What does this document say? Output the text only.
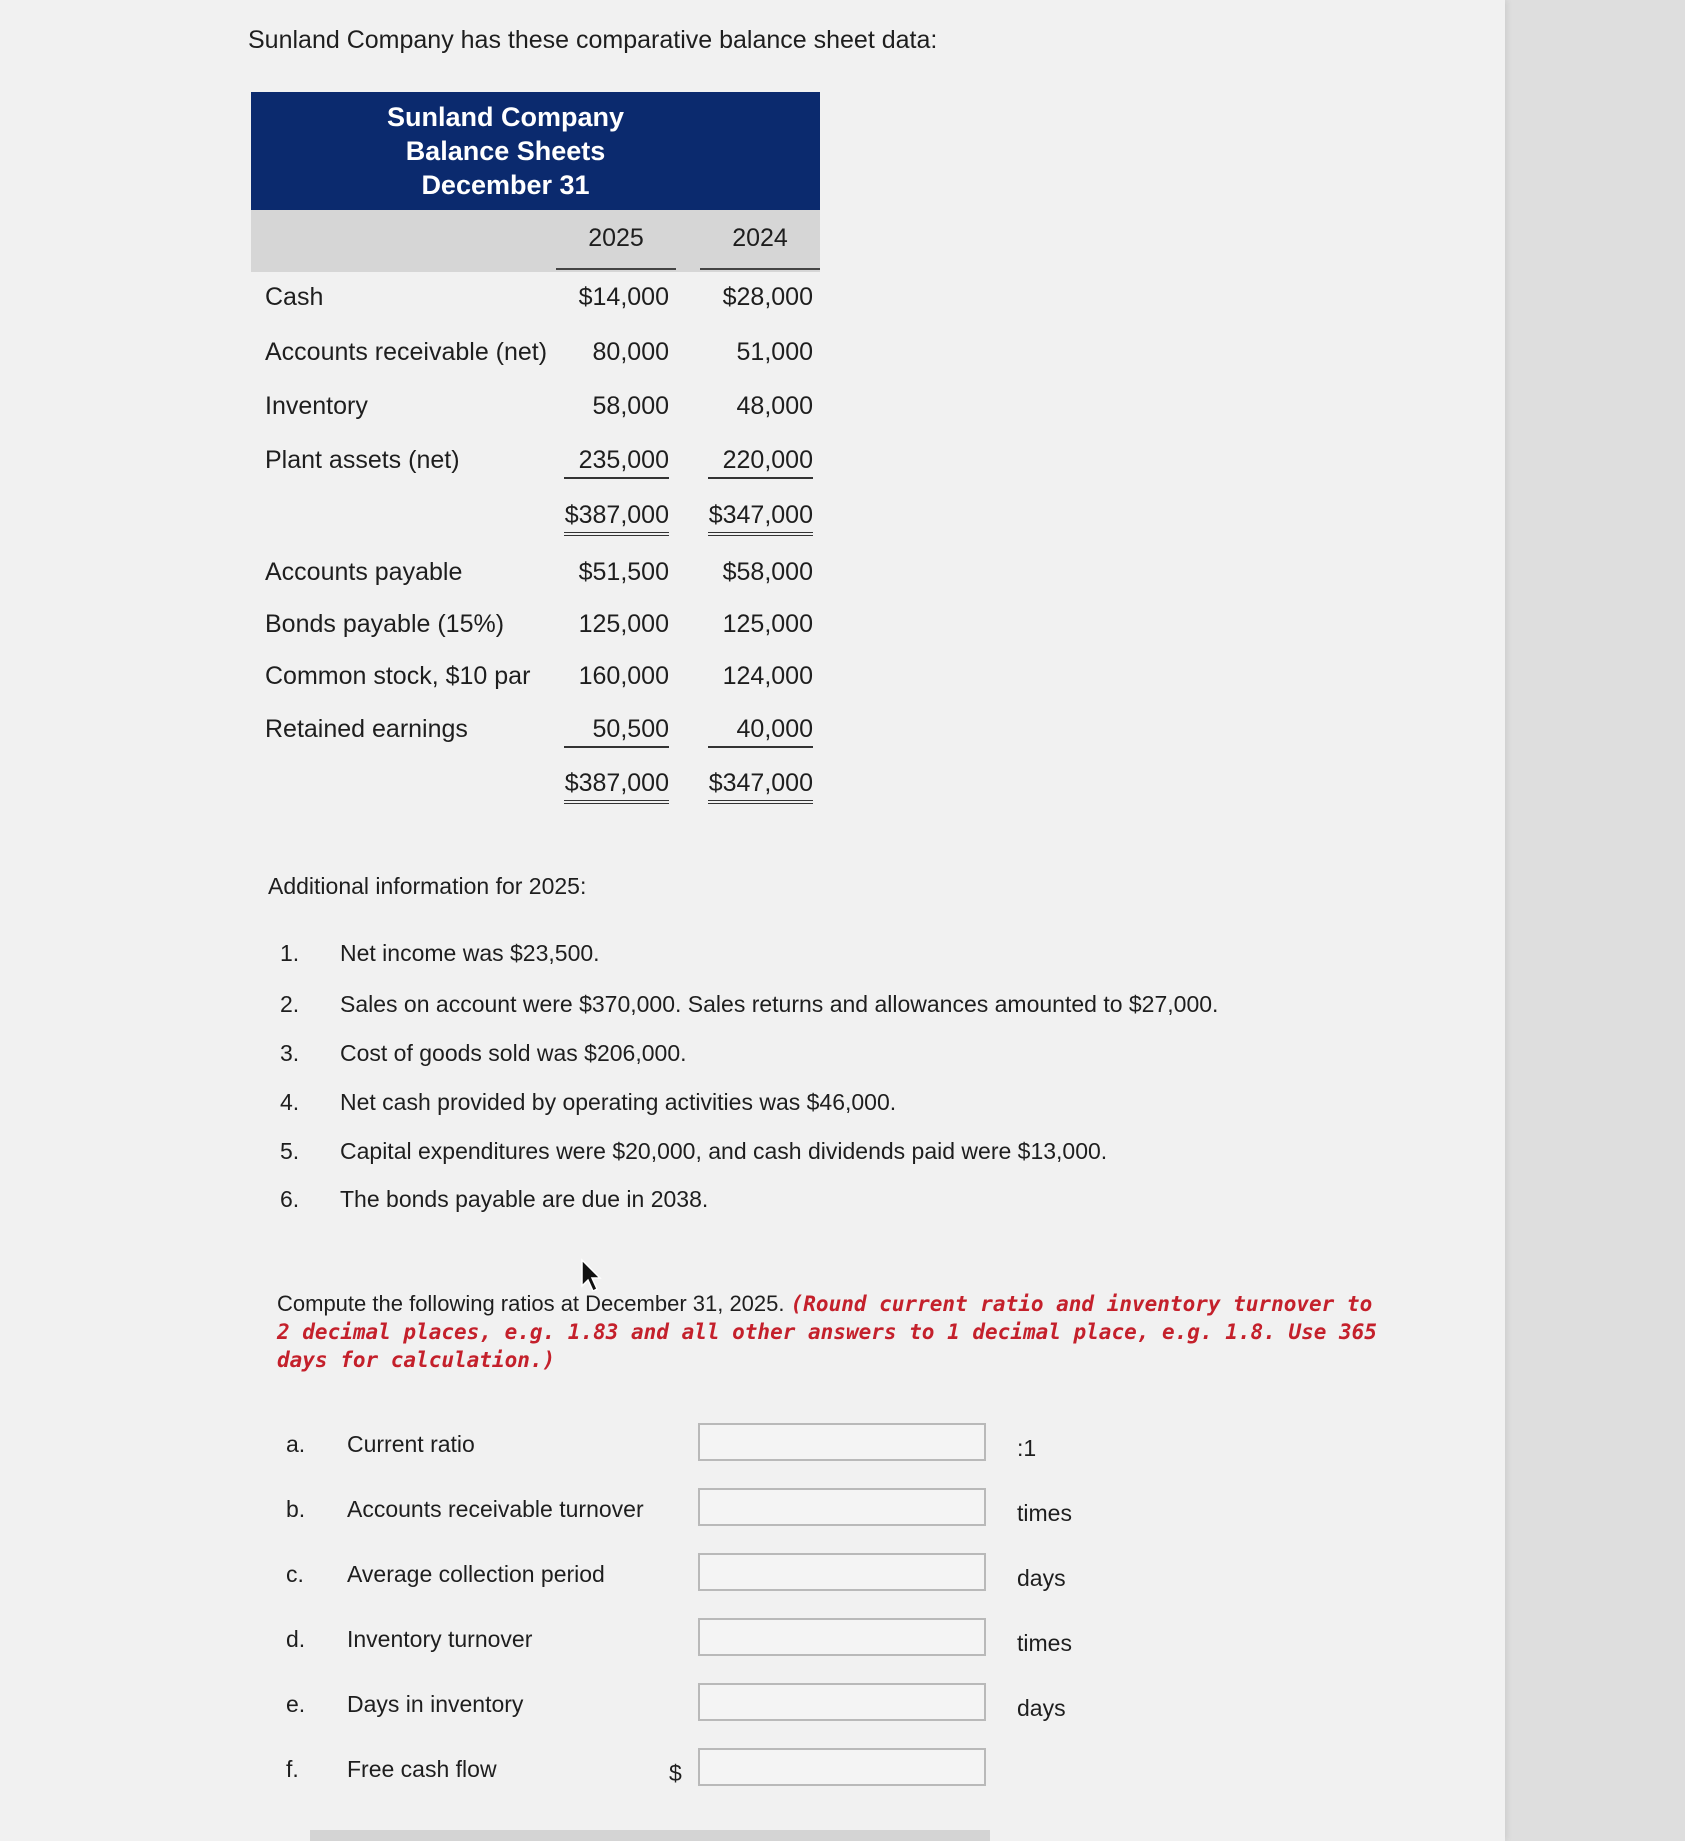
Sunland Company has these comparative balance sheet data:
Sunland Company
Balance Sheets
December 31
2025	2024
Cash	$14,000	$28,000
Accounts receivable (net)	80,000	51,000
Inventory	58,000	48,000
Plant assets (net)	235,000	220,000
$387,000 $347,000
Accounts payable	$51,500	$58,000
Bonds payable (15%)	125,000	125,000
Common stock, $10 par	160,000	124,000
Retained earnings	50,500	40,000
$387,000 $347,000
Additional information for 2025:
1. Net income was $23,500.
2. Sales on account were $370,000. Sales returns and allowances amounted to $27,000.
3. Cost of goods sold was $206,000.
4. Net cash provided by operating activities was $46,000.
5. Capital expenditures were $20,000, and cash dividends paid were $13,000.
6. The bonds payable are due in 2038.
Compute the following ratios at December 31, 2025. (Round current ratio and inventory turnover to 2 decimal places, e.g. 1.83 and all other answers to 1 decimal place, e.g. 1.8. Use 365 days for calculation.)
a. Current ratio	:1
b. Accounts receivable turnover	times
c. Average collection period	days
d. Inventory turnover	times
e. Days in inventory	days
f. Free cash flow	$
